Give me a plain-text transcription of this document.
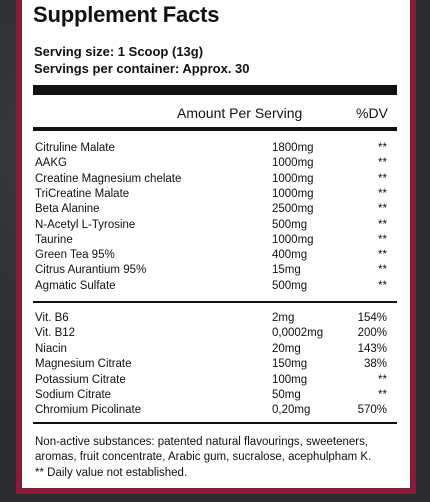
Supplement Facts
Serving size: 1 Scoop (13g)
Servings per container: Approx. 30
Amount Per Serving	%DV
Citruline Malate	1800mg	**
AAKG	1000mg	**
Creatine Magnesium chelate	1000mg	**
TriCreatine Malate	1000mg	**
Beta Alanine	2500mg	**
N-Acetyl L-Tyrosine	500mg	**
Taurine	1000mg	**
Green Tea 95%	400mg	**
Citrus Aurantium 95%	15mg	**
Agmatic Sulfate	500mg	**
Vit. B6	2mg	154%
Vit. B12	0,0002mg	200%
Niacin	20mg	143%
Magnesium Citrate	150mg	38%
Potassium Citrate	100mg	**
Sodium Citrate	50mg	**
Chromium Picolinate	0,20mg	570%
Non-active substances: patented natural flavourings, sweeteners, aromas, fruit concentrate, Arabic gum, sucralose, acephulpham K.
** Daily value not established.
